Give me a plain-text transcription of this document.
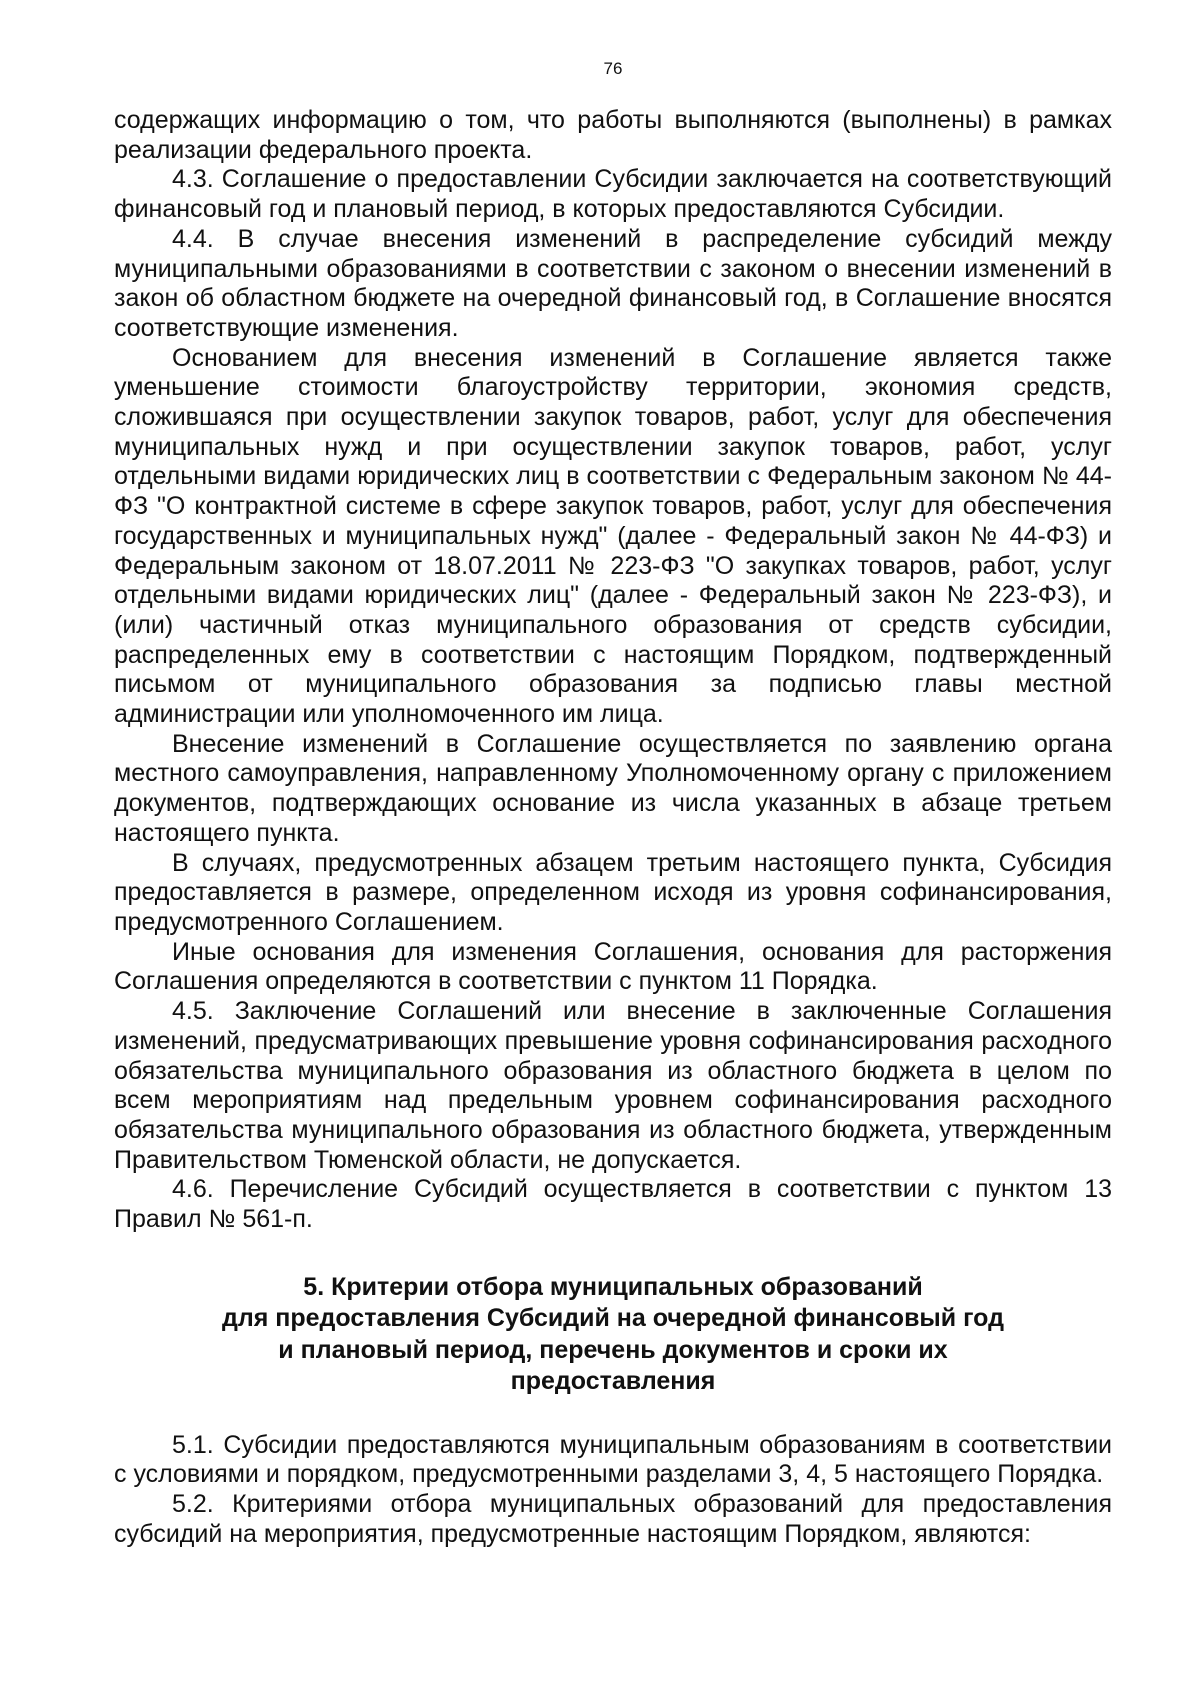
76

содержащих информацию о том, что работы выполняются (выполнены) в рамках реализации федерального проекта.

4.3. Соглашение о предоставлении Субсидии заключается на соответствующий финансовый год и плановый период, в которых предоставляются Субсидии.

4.4. В случае внесения изменений в распределение субсидий между муниципальными образованиями в соответствии с законом о внесении изменений в закон об областном бюджете на очередной финансовый год, в Соглашение вносятся соответствующие изменения.

Основанием для внесения изменений в Соглашение является также уменьшение стоимости благоустройству территории, экономия средств, сложившаяся при осуществлении закупок товаров, работ, услуг для обеспечения муниципальных нужд и при осуществлении закупок товаров, работ, услуг отдельными видами юридических лиц в соответствии с Федеральным законом № 44-ФЗ "О контрактной системе в сфере закупок товаров, работ, услуг для обеспечения государственных и муниципальных нужд" (далее - Федеральный закон № 44-ФЗ) и Федеральным законом от 18.07.2011 № 223-ФЗ "О закупках товаров, работ, услуг отдельными видами юридических лиц" (далее - Федеральный закон № 223-ФЗ), и (или) частичный отказ муниципального образования от средств субсидии, распределенных ему в соответствии с настоящим Порядком, подтвержденный письмом от муниципального образования за подписью главы местной администрации или уполномоченного им лица.

Внесение изменений в Соглашение осуществляется по заявлению органа местного самоуправления, направленному Уполномоченному органу с приложением документов, подтверждающих основание из числа указанных в абзаце третьем настоящего пункта.

В случаях, предусмотренных абзацем третьим настоящего пункта, Субсидия предоставляется в размере, определенном исходя из уровня софинансирования, предусмотренного Соглашением.

Иные основания для изменения Соглашения, основания для расторжения Соглашения определяются в соответствии с пунктом 11 Порядка.

4.5. Заключение Соглашений или внесение в заключенные Соглашения изменений, предусматривающих превышение уровня софинансирования расходного обязательства муниципального образования из областного бюджета в целом по всем мероприятиям над предельным уровнем софинансирования расходного обязательства муниципального образования из областного бюджета, утвержденным Правительством Тюменской области, не допускается.

4.6. Перечисление Субсидий осуществляется в соответствии с пунктом 13 Правил № 561-п.

5. Критерии отбора муниципальных образований
для предоставления Субсидий на очередной финансовый год
и плановый период, перечень документов и сроки их
предоставления

5.1. Субсидии предоставляются муниципальным образованиям в соответствии с условиями и порядком, предусмотренными разделами 3, 4, 5 настоящего Порядка.

5.2. Критериями отбора муниципальных образований для предоставления субсидий на мероприятия, предусмотренные настоящим Порядком, являются:
